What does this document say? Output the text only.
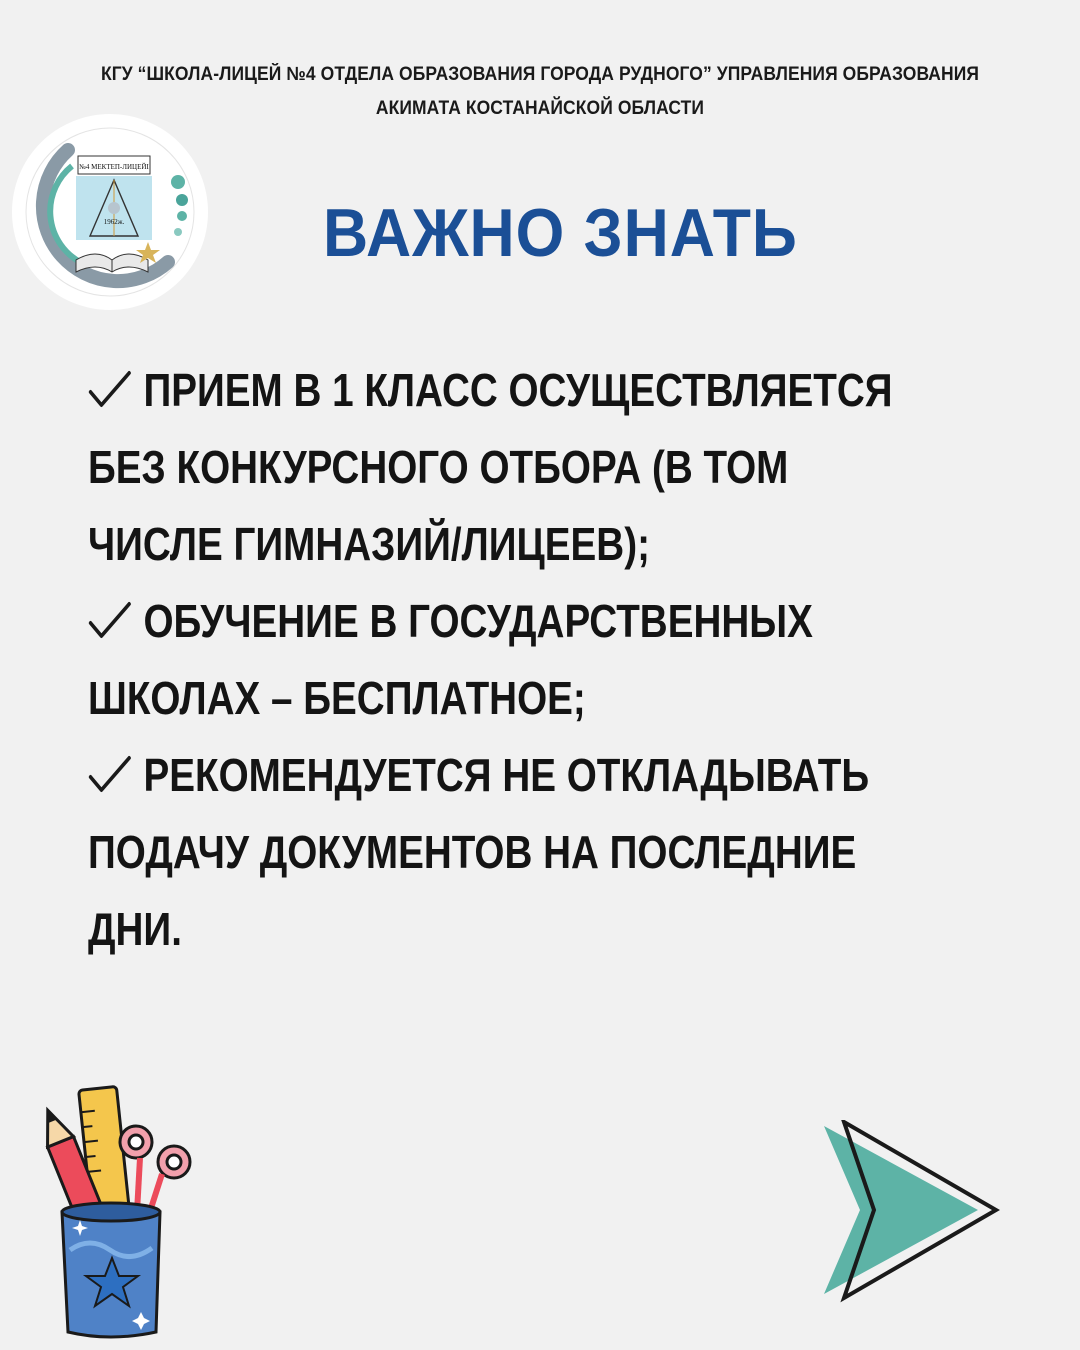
КГУ “ШКОЛА-ЛИЦЕЙ №4 ОТДЕЛА ОБРАЗОВАНИЯ ГОРОДА РУДНОГО” УПРАВЛЕНИЯ ОБРАЗОВАНИЯ
АКИМАТА КОСТАНАЙСКОЙ ОБЛАСТИ
№4 МЕКТЕП-ЛИЦЕЙІ
1962ж.	ВАЖНО ЗНАТЬ
ПРИЕМ В 1 КЛАСС ОСУЩЕСТВЛЯЕТСЯ
БЕЗ КОНКУРСНОГО ОТБОРА (В ТОМ
ЧИСЛЕ ГИМНАЗИЙ/ЛИЦЕЕВ);
ОБУЧЕНИЕ В ГОСУДАРСТВЕННЫХ
ШКОЛАХ – БЕСПЛАТНОЕ;
РЕКОМЕНДУЕТСЯ НЕ ОТКЛАДЫВАТЬ
ПОДАЧУ ДОКУМЕНТОВ НА ПОСЛЕДНИЕ
ДНИ.
